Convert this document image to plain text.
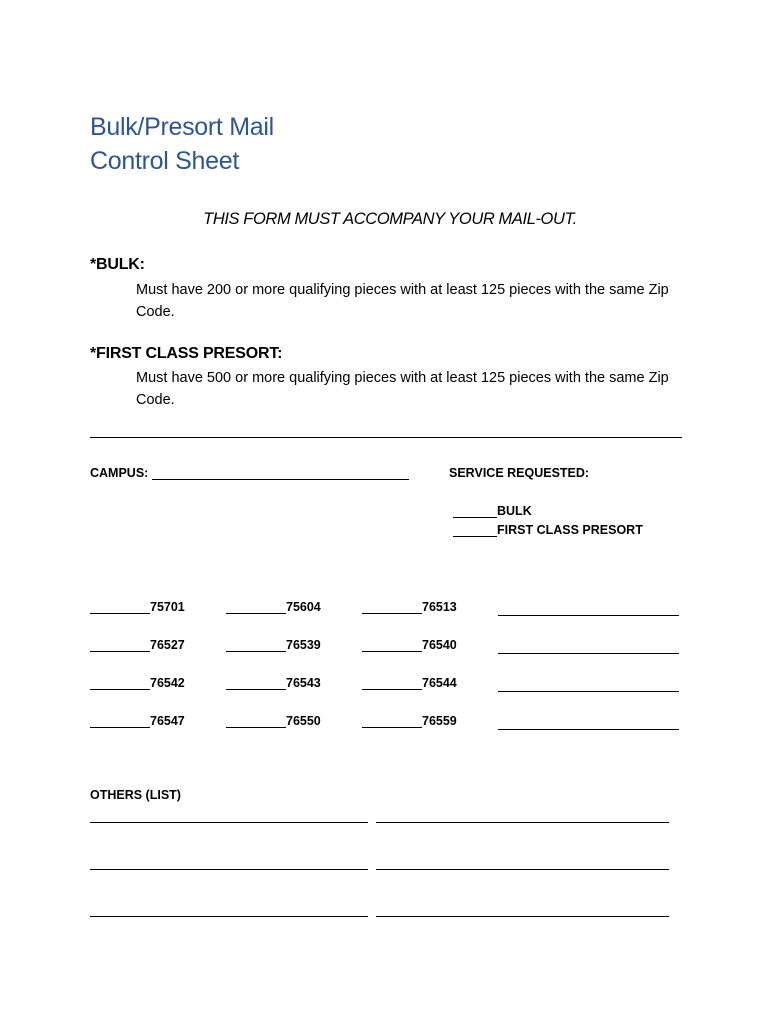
Bulk/Presort Mail
Control Sheet
THIS FORM MUST ACCOMPANY YOUR MAIL-OUT.
*BULK:
Must have 200 or more qualifying pieces with at least 125 pieces with the same Zip Code.
*FIRST CLASS PRESORT:
Must have 500 or more qualifying pieces with at least 125 pieces with the same Zip Code.
CAMPUS:	SERVICE REQUESTED:
BULK
FIRST CLASS PRESORT
75701	75604	76513
76527	76539	76540
76542	76543	76544
76547	76550	76559
OTHERS (LIST)
